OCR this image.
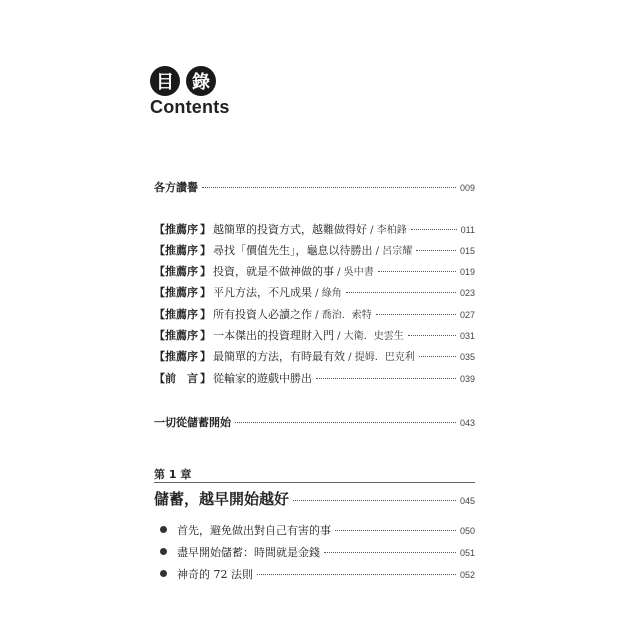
目	錄
Contents
各方讚譽	009
【 推薦序 】 越簡單的投資方式，越難做得好 / 李柏鋒	011
【 推薦序 】 尋找「價值先生」，龜息以待勝出 / 呂宗耀	015
【 推薦序 】 投資，就是不做神做的事 / 吳中書	019
【 推薦序 】 平凡方法，不凡成果 / 綠角	023
【 推薦序 】 所有投資人必讀之作 / 喬治．索特	027
【 推薦序 】 一本傑出的投資理財入門 / 大衛．史雲生	031
【 推薦序 】 最簡單的方法，有時最有效 / 提姆．巴克利	035
【 前　言 】 從輸家的遊戲中勝出	039
一切從儲蓄開始	043
第 1 章
儲蓄，越早開始越好	045
首先，避免做出對自己有害的事	050
盡早開始儲蓄：時間就是金錢	051
神奇的 72 法則	052
